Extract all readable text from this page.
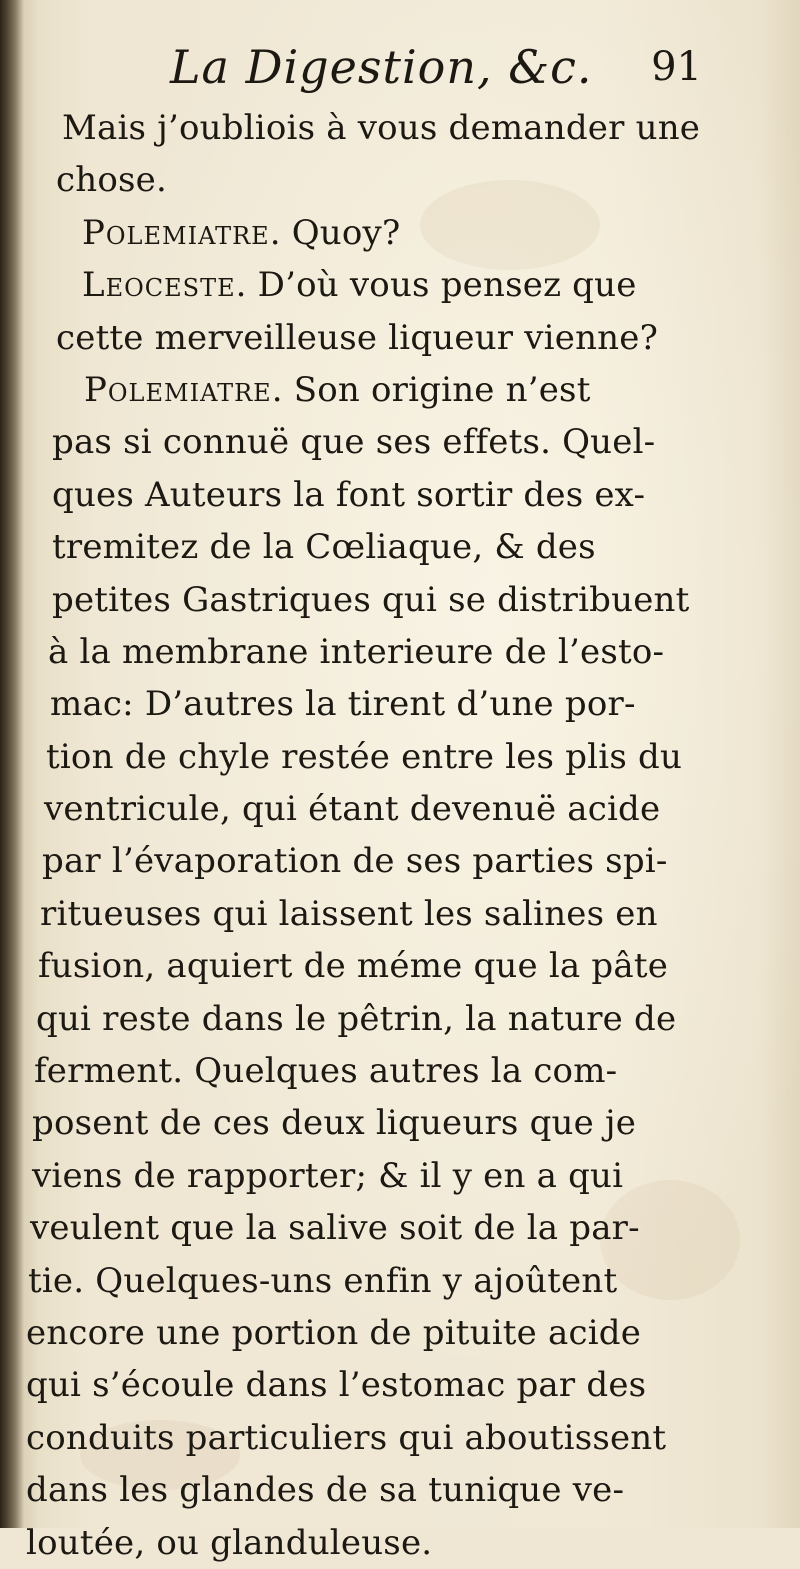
La Digestion, &c. 91
Mais j’oubliois à vous demander une
chose.
Polemiatre. Quoy?
Leoceste. D’où vous pensez que
cette merveilleuse liqueur vienne?
Polemiatre. Son origine n’est
pas si connuë que ses effets. Quel-
ques Auteurs la font sortir des ex-
tremitez de la Cœliaque, & des
petites Gastriques qui se distribuent
à la membrane interieure de l’esto-
mac: D’autres la tirent d’une por-
tion de chyle restée entre les plis du
ventricule, qui étant devenuë acide
par l’évaporation de ses parties spi-
ritueuses qui laissent les salines en
fusion, aquiert de méme que la pâte
qui reste dans le pêtrin, la nature de
ferment. Quelques autres la com-
posent de ces deux liqueurs que je
viens de rapporter; & il y en a qui
veulent que la salive soit de la par-
tie. Quelques-uns enfin y ajoûtent
encore une portion de pituite acide
qui s’écoule dans l’estomac par des
conduits particuliers qui aboutissent
dans les glandes de sa tunique ve-
loutée, ou glanduleuse.
